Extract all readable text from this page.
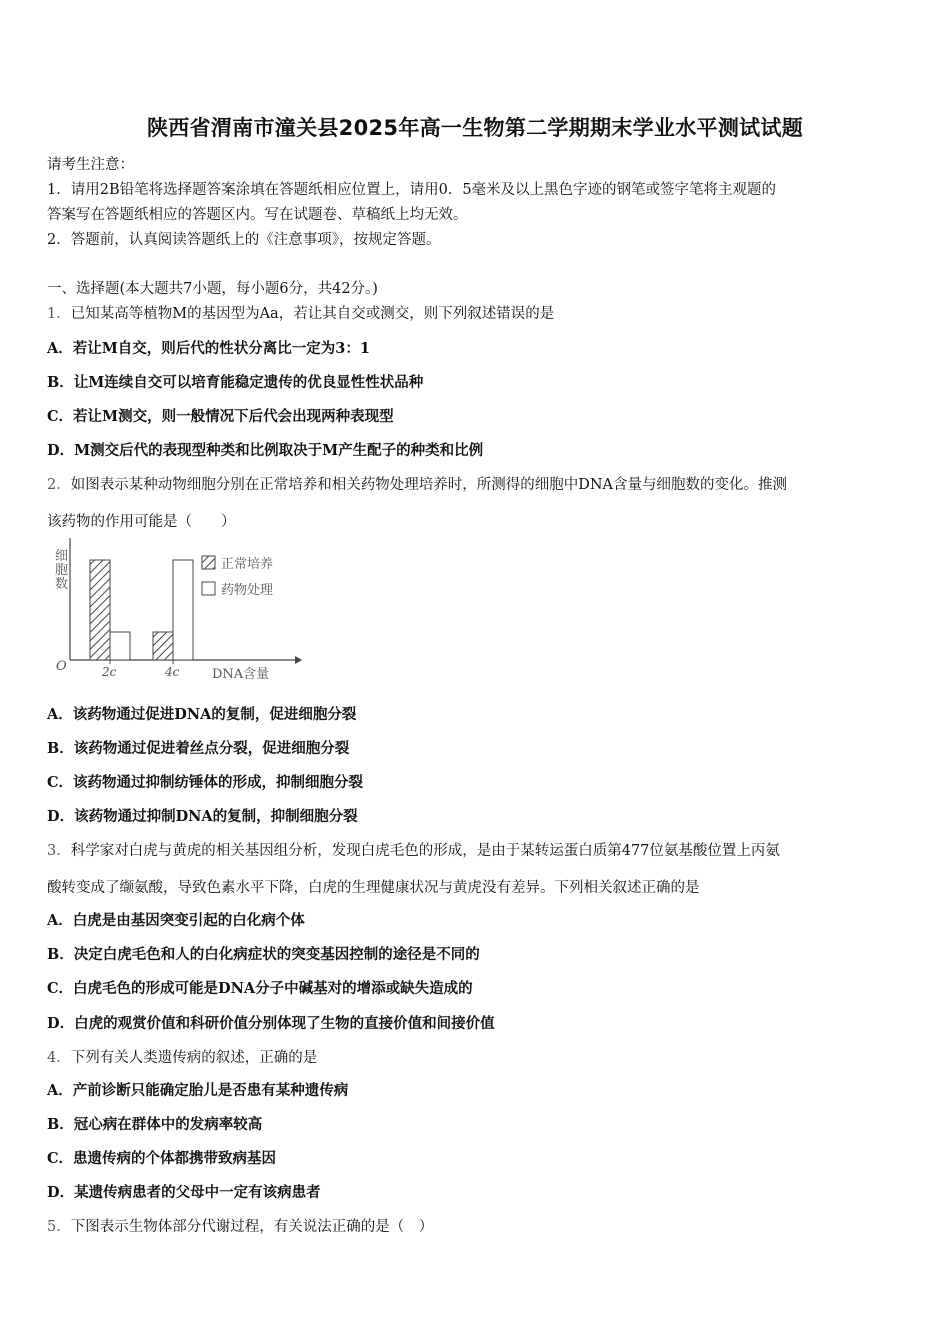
陕西省渭南市潼关县2025年高一生物第二学期期末学业水平测试试题
请考生注意：
1．请用2B铅笔将选择题答案涂填在答题纸相应位置上，请用0．5毫米及以上黑色字迹的钢笔或签字笔将主观题的
答案写在答题纸相应的答题区内。写在试题卷、草稿纸上均无效。
2．答题前，认真阅读答题纸上的《注意事项》，按规定答题。
一、选择题(本大题共7小题，每小题6分，共42分。)
1．已知某高等植物M的基因型为Aa，若让其自交或测交，则下列叙述错误的是
A．若让M自交，则后代的性状分离比一定为3：1
B．让M连续自交可以培育能稳定遗传的优良显性性状品种
C．若让M测交，则一般情况下后代会出现两种表现型
D．M测交后代的表现型种类和比例取决于M产生配子的种类和比例
2．如图表示某种动物细胞分别在正常培养和相关药物处理培养时，所测得的细胞中DNA含量与细胞数的变化。推测
该药物的作用可能是（　　）
细
胞
数
O
DNA含量
2c	4c
正常培养
药物处理
A．该药物通过促进DNA的复制，促进细胞分裂
B．该药物通过促进着丝点分裂，促进细胞分裂
C．该药物通过抑制纺锤体的形成，抑制细胞分裂
D．该药物通过抑制DNA的复制，抑制细胞分裂
3．科学家对白虎与黄虎的相关基因组分析，发现白虎毛色的形成，是由于某转运蛋白质第477位氨基酸位置上丙氨
酸转变成了缬氨酸，导致色素水平下降，白虎的生理健康状况与黄虎没有差异。下列相关叙述正确的是
A．白虎是由基因突变引起的白化病个体
B．决定白虎毛色和人的白化病症状的突变基因控制的途径是不同的
C．白虎毛色的形成可能是DNA分子中碱基对的增添或缺失造成的
D．白虎的观赏价值和科研价值分别体现了生物的直接价值和间接价值
4．下列有关人类遗传病的叙述，正确的是
A．产前诊断只能确定胎儿是否患有某种遗传病
B．冠心病在群体中的发病率较高
C．患遗传病的个体都携带致病基因
D．某遗传病患者的父母中一定有该病患者
5．下图表示生物体部分代谢过程，有关说法正确的是（　）
